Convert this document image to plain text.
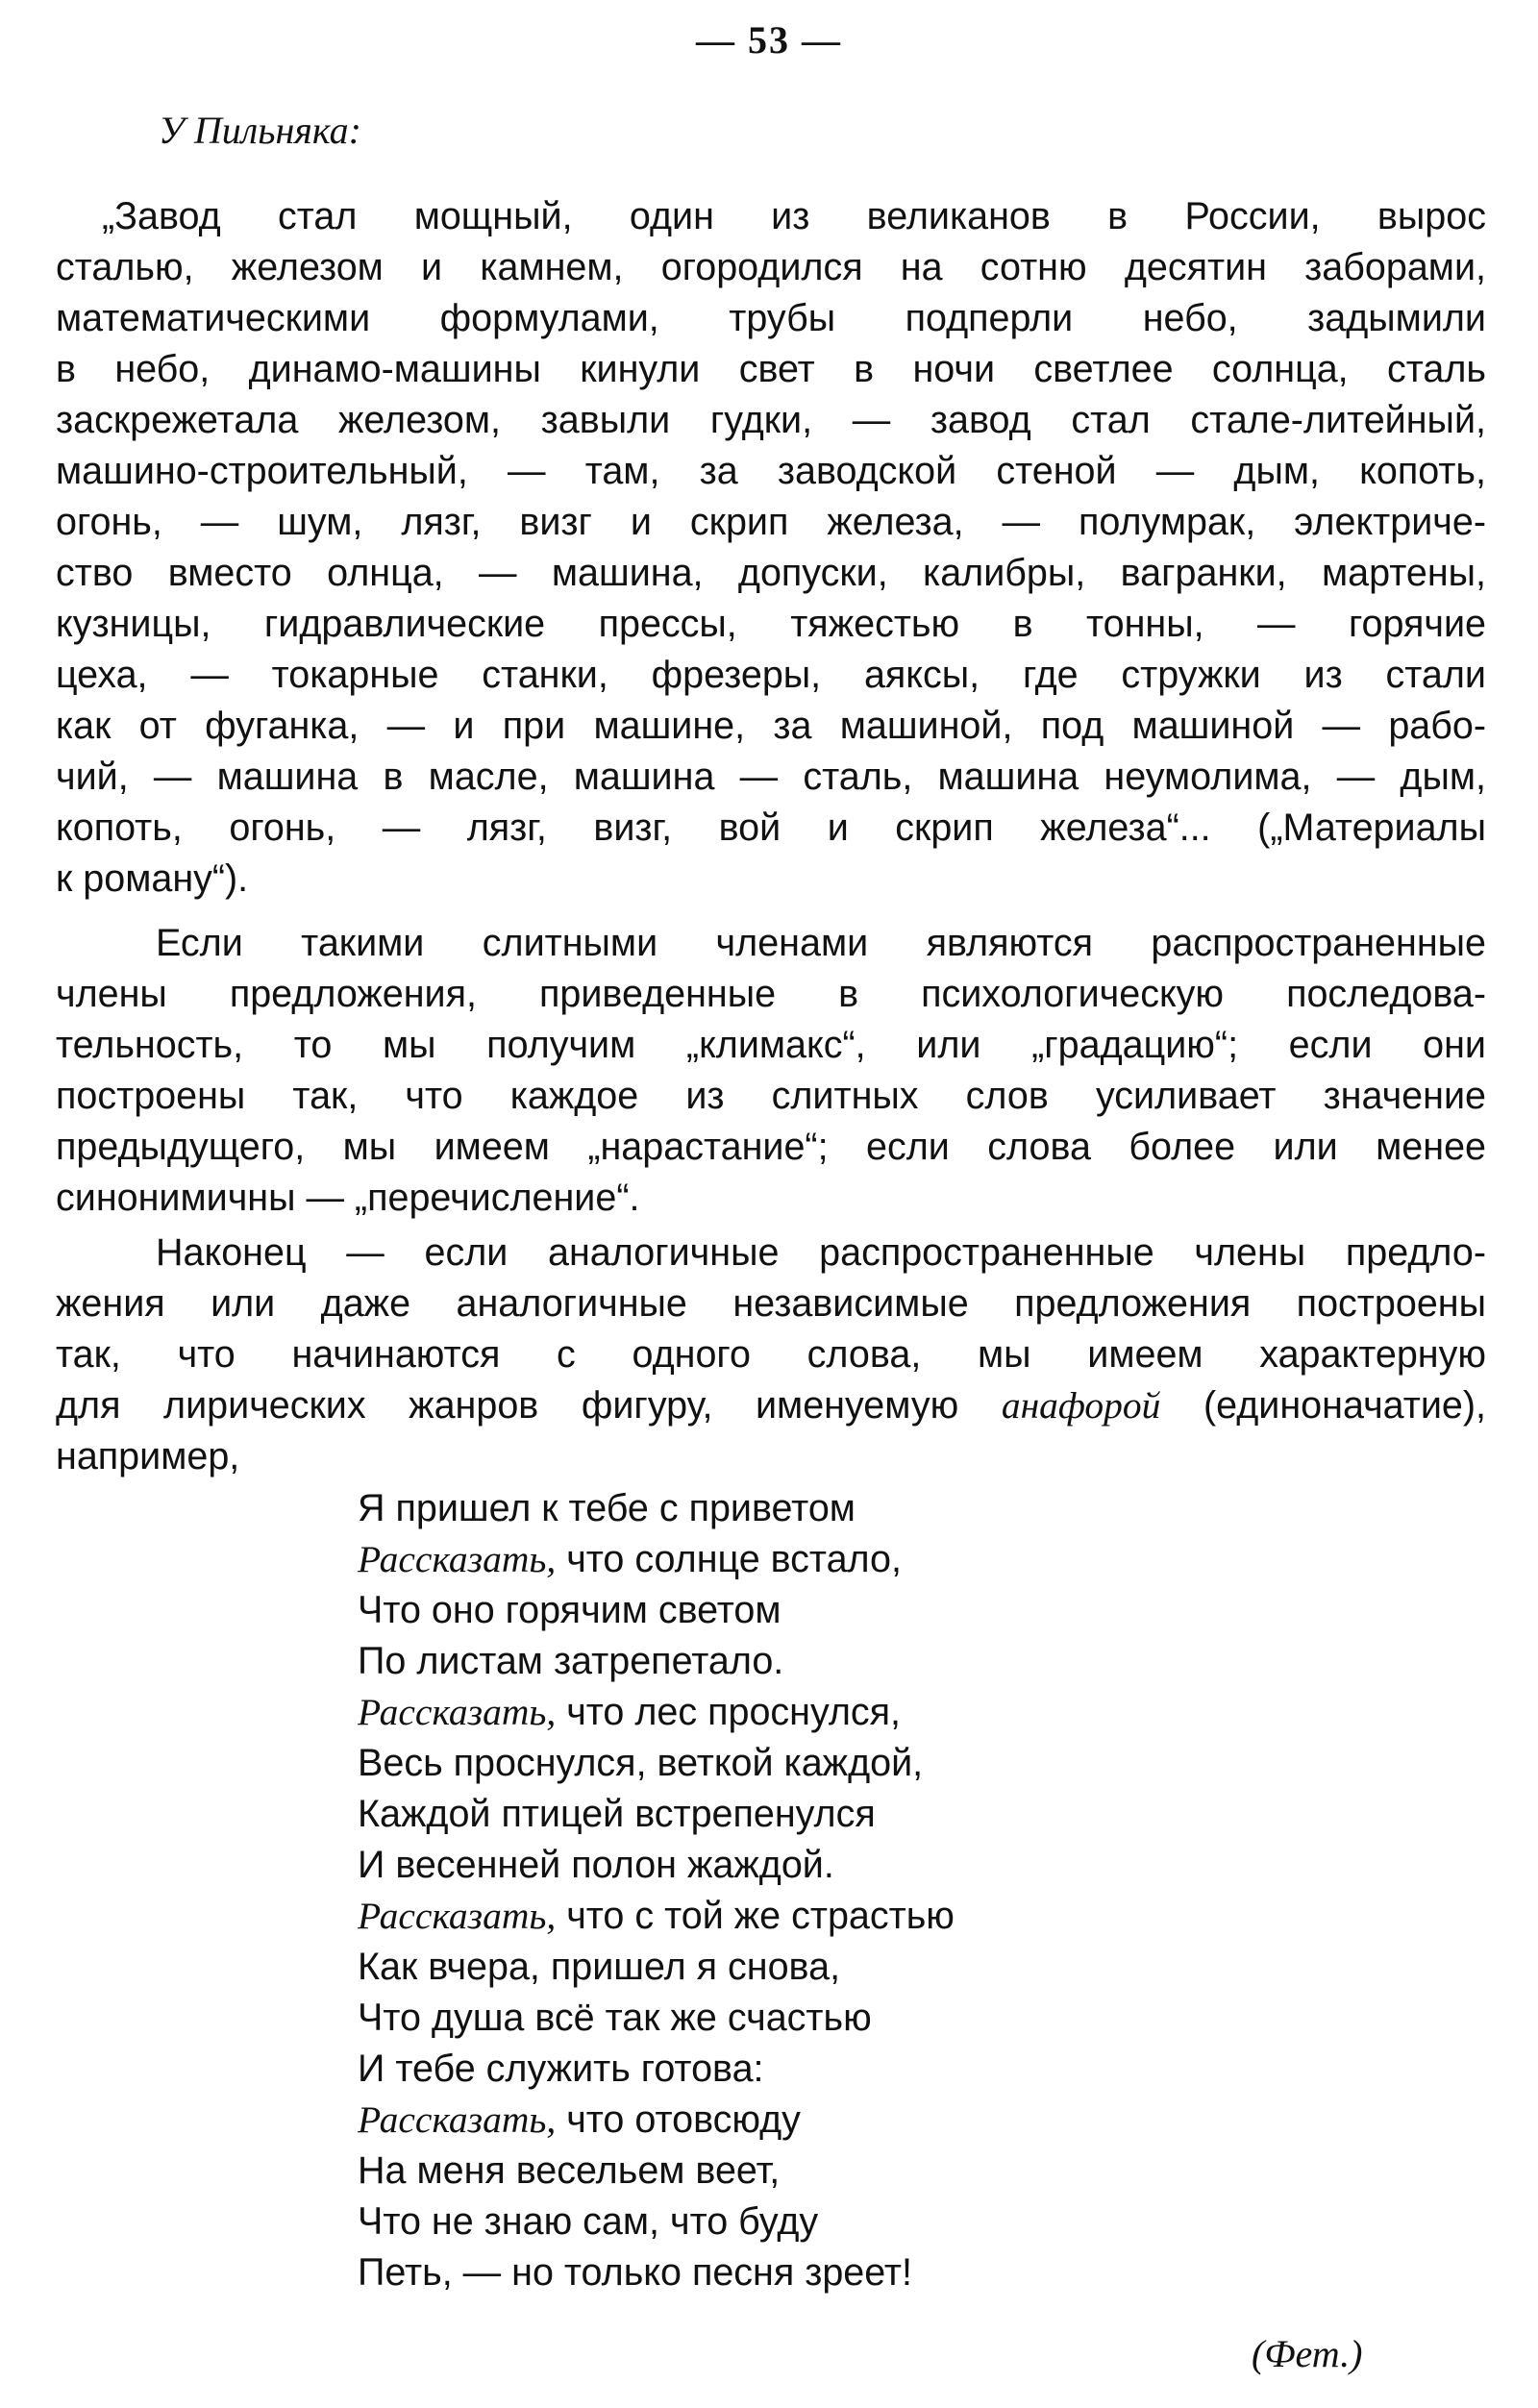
— 53 —
У Пильняка:
„Завод стал мощный, один из великанов в России, вырос
сталью, железом и камнем, огородился на сотню десятин заборами,
математическими формулами, трубы подперли небо, задымили
в небо, динамо-машины кинули свет в ночи светлее солнца, сталь
заскрежетала железом, завыли гудки, — завод стал стале-литейный,
машино-строительный, — там, за заводской стеной — дым, копоть,
огонь, — шум, лязг, визг и скрип железа, — полумрак, электриче-
ство вместо олнца, — машина, допуски, калибры, вагранки, мартены,
кузницы, гидравлические прессы, тяжестью в тонны, — горячие
цеха, — токарные станки, фрезеры, аяксы, где стружки из стали
как от фуганка, — и при машине, за машиной, под машиной — рабо-
чий, — машина в масле, машина — сталь, машина неумолима, — дым,
копоть, огонь, — лязг, визг, вой и скрип железа“... („Материалы
к роману“).
Если такими слитными членами являются распространенные
члены предложения, приведенные в психологическую последова-
тельность, то мы получим „климакс“, или „градацию“; если они
построены так, что каждое из слитных слов усиливает значение
предыдущего, мы имеем „нарастание“; если слова более или менее
синонимичны — „перечисление“.
Наконец — если аналогичные распространенные члены предло-
жения или даже аналогичные независимые предложения построены
так, что начинаются с одного слова, мы имеем характерную
для лирических жанров фигуру, именуемую анафорой (единоначатие),
например,
Я пришел к тебе с приветом
Рассказать, что солнце встало,
Что оно горячим светом
По листам затрепетало.
Рассказать, что лес проснулся,
Весь проснулся, веткой каждой,
Каждой птицей встрепенулся
И весенней полон жаждой.
Рассказать, что с той же страстью
Как вчера, пришел я снова,
Что душа всё так же счастью
И тебе служить готова:
Рассказать, что отовсюду
На меня весельем веет,
Что не знаю сам, что буду
Петь, — но только песня зреет!
(Фет.)
